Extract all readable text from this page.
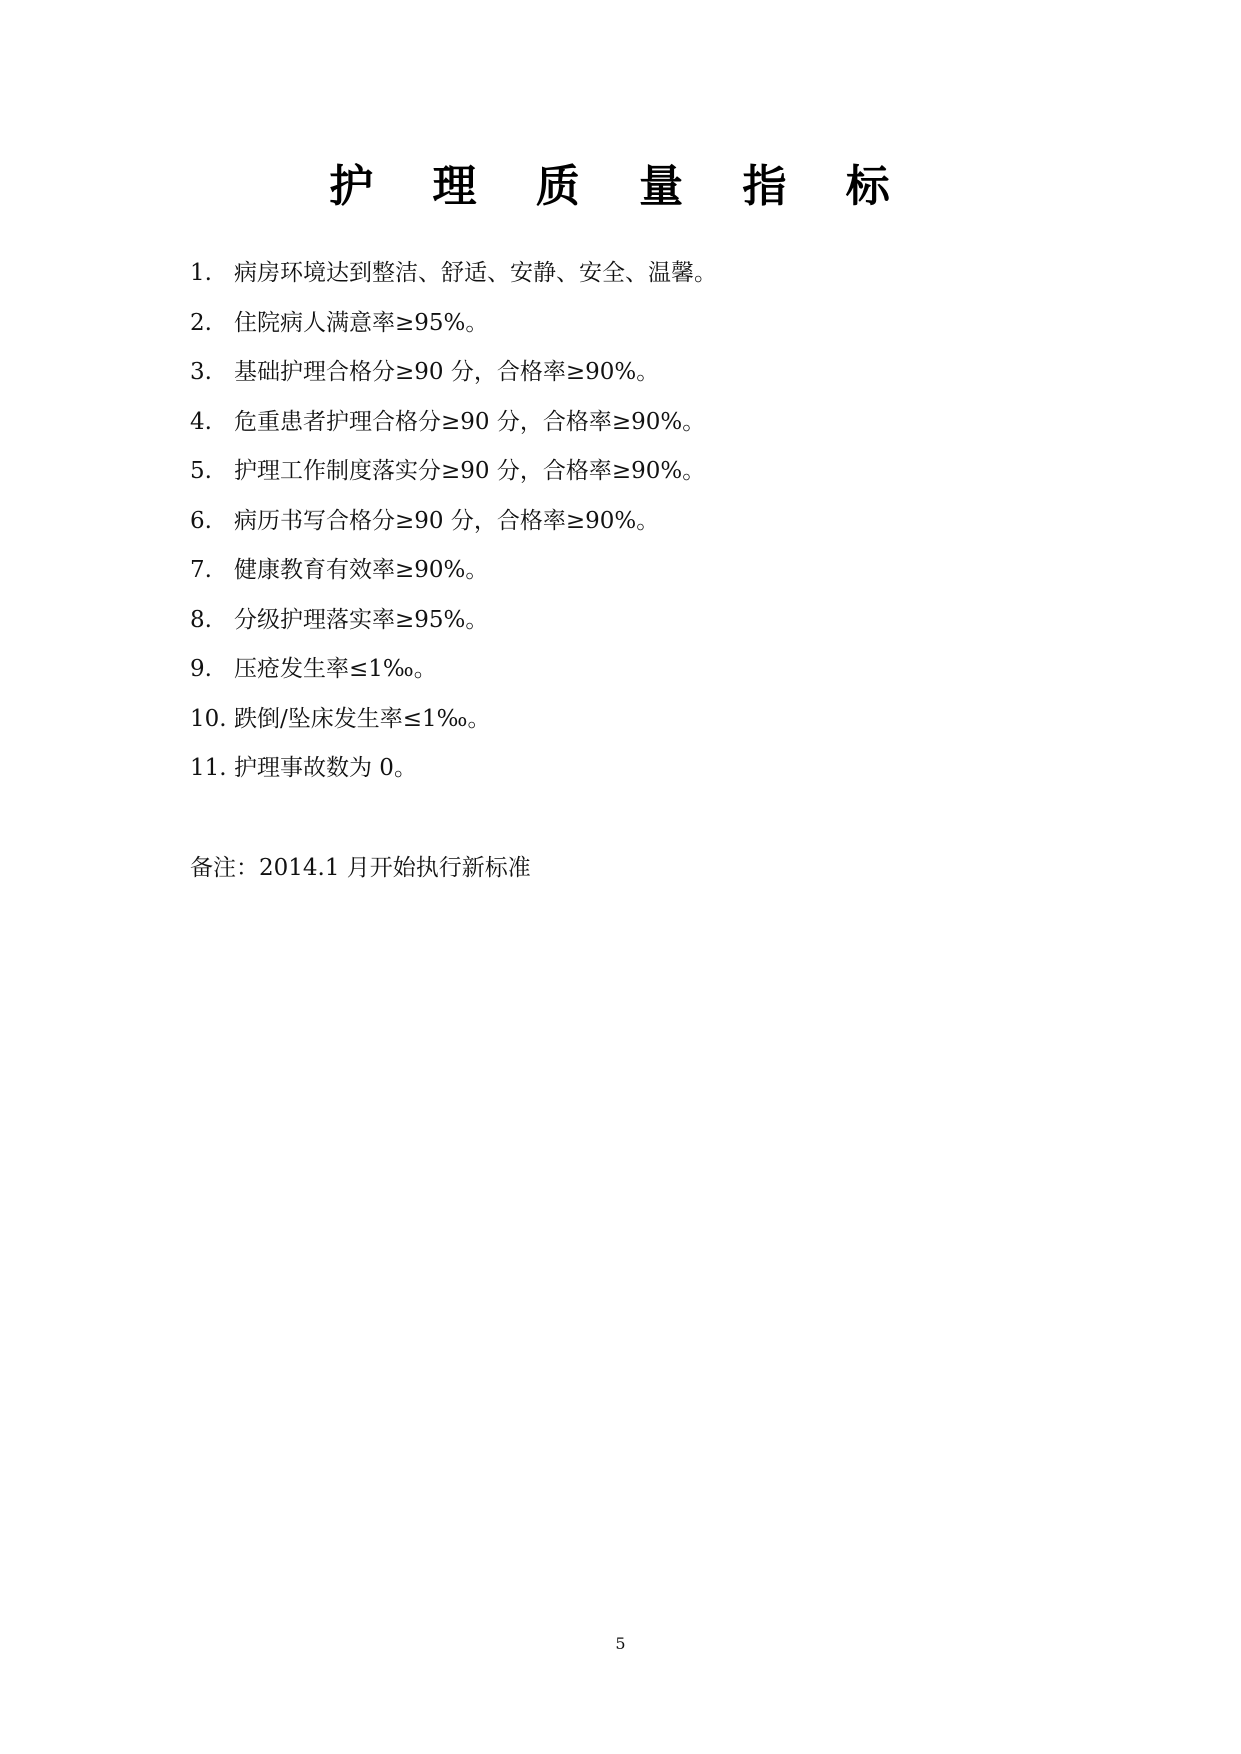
护 理 质 量 指 标
1. 病房环境达到整洁、舒适、安静、安全、温馨。
2. 住院病人满意率≥95%。
3. 基础护理合格分≥90 分，合格率≥90%。
4. 危重患者护理合格分≥90 分，合格率≥90%。
5. 护理工作制度落实分≥90 分，合格率≥90%。
6. 病历书写合格分≥90 分，合格率≥90%。
7. 健康教育有效率≥90%。
8. 分级护理落实率≥95%。
9. 压疮发生率≤1‰。
10. 跌倒/坠床发生率≤1‰。
11. 护理事故数为 0。
备注：2014.1 月开始执行新标准
5
